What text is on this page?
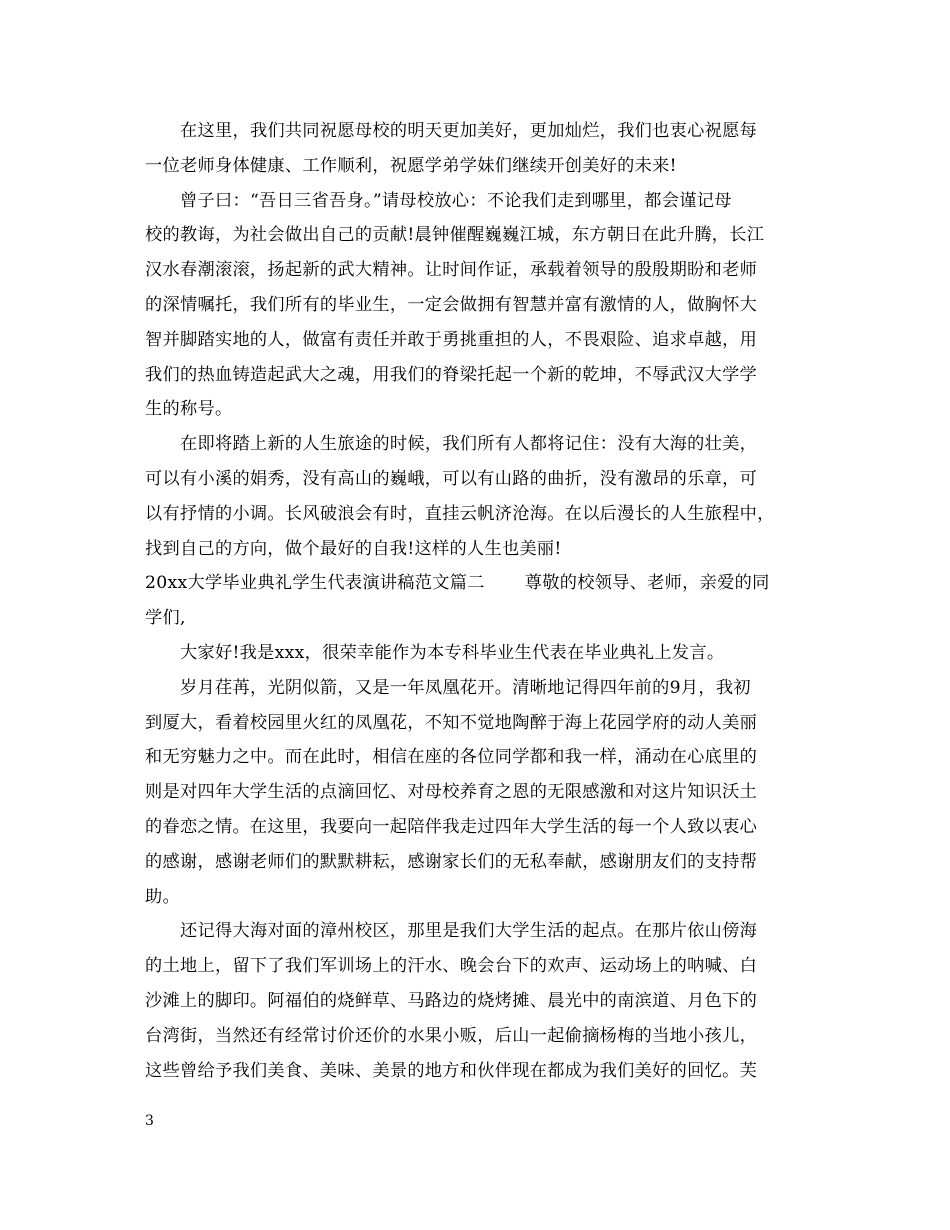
在这里，我们共同祝愿母校的明天更加美好，更加灿烂，我们也衷心祝愿每
一位老师身体健康、工作顺利，祝愿学弟学妹们继续开创美好的未来!
曾子曰：“吾日三省吾身。”请母校放心：不论我们走到哪里，都会谨记母
校的教诲，为社会做出自己的贡献!晨钟催醒巍巍江城，东方朝日在此升腾，长江
汉水春潮滚滚，扬起新的武大精神。让时间作证，承载着领导的殷殷期盼和老师
的深情嘱托，我们所有的毕业生，一定会做拥有智慧并富有激情的人，做胸怀大
智并脚踏实地的人，做富有责任并敢于勇挑重担的人，不畏艰险、追求卓越，用
我们的热血铸造起武大之魂，用我们的脊梁托起一个新的乾坤，不辱武汉大学学
生的称号。
在即将踏上新的人生旅途的时候，我们所有人都将记住：没有大海的壮美，
可以有小溪的娟秀，没有高山的巍峨，可以有山路的曲折，没有激昂的乐章，可
以有抒情的小调。长风破浪会有时，直挂云帆济沧海。在以后漫长的人生旅程中，
找到自己的方向，做个最好的自我!这样的人生也美丽!
20xx大学毕业典礼学生代表演讲稿范文篇二 尊敬的校领导、老师，亲爱的同
学们,
大家好!我是xxx，很荣幸能作为本专科毕业生代表在毕业典礼上发言。
岁月荏苒，光阴似箭，又是一年凤凰花开。清晰地记得四年前的9月，我初
到厦大，看着校园里火红的凤凰花，不知不觉地陶醉于海上花园学府的动人美丽
和无穷魅力之中。而在此时，相信在座的各位同学都和我一样，涌动在心底里的
则是对四年大学生活的点滴回忆、对母校养育之恩的无限感激和对这片知识沃土
的眷恋之情。在这里，我要向一起陪伴我走过四年大学生活的每一个人致以衷心
的感谢，感谢老师们的默默耕耘，感谢家长们的无私奉献，感谢朋友们的支持帮
助。
还记得大海对面的漳州校区，那里是我们大学生活的起点。在那片依山傍海
的土地上，留下了我们军训场上的汗水、晚会台下的欢声、运动场上的呐喊、白
沙滩上的脚印。阿福伯的烧鲜草、马路边的烧烤摊、晨光中的南滨道、月色下的
台湾街，当然还有经常讨价还价的水果小贩，后山一起偷摘杨梅的当地小孩儿，
这些曾给予我们美食、美味、美景的地方和伙伴现在都成为我们美好的回忆。芙
3
